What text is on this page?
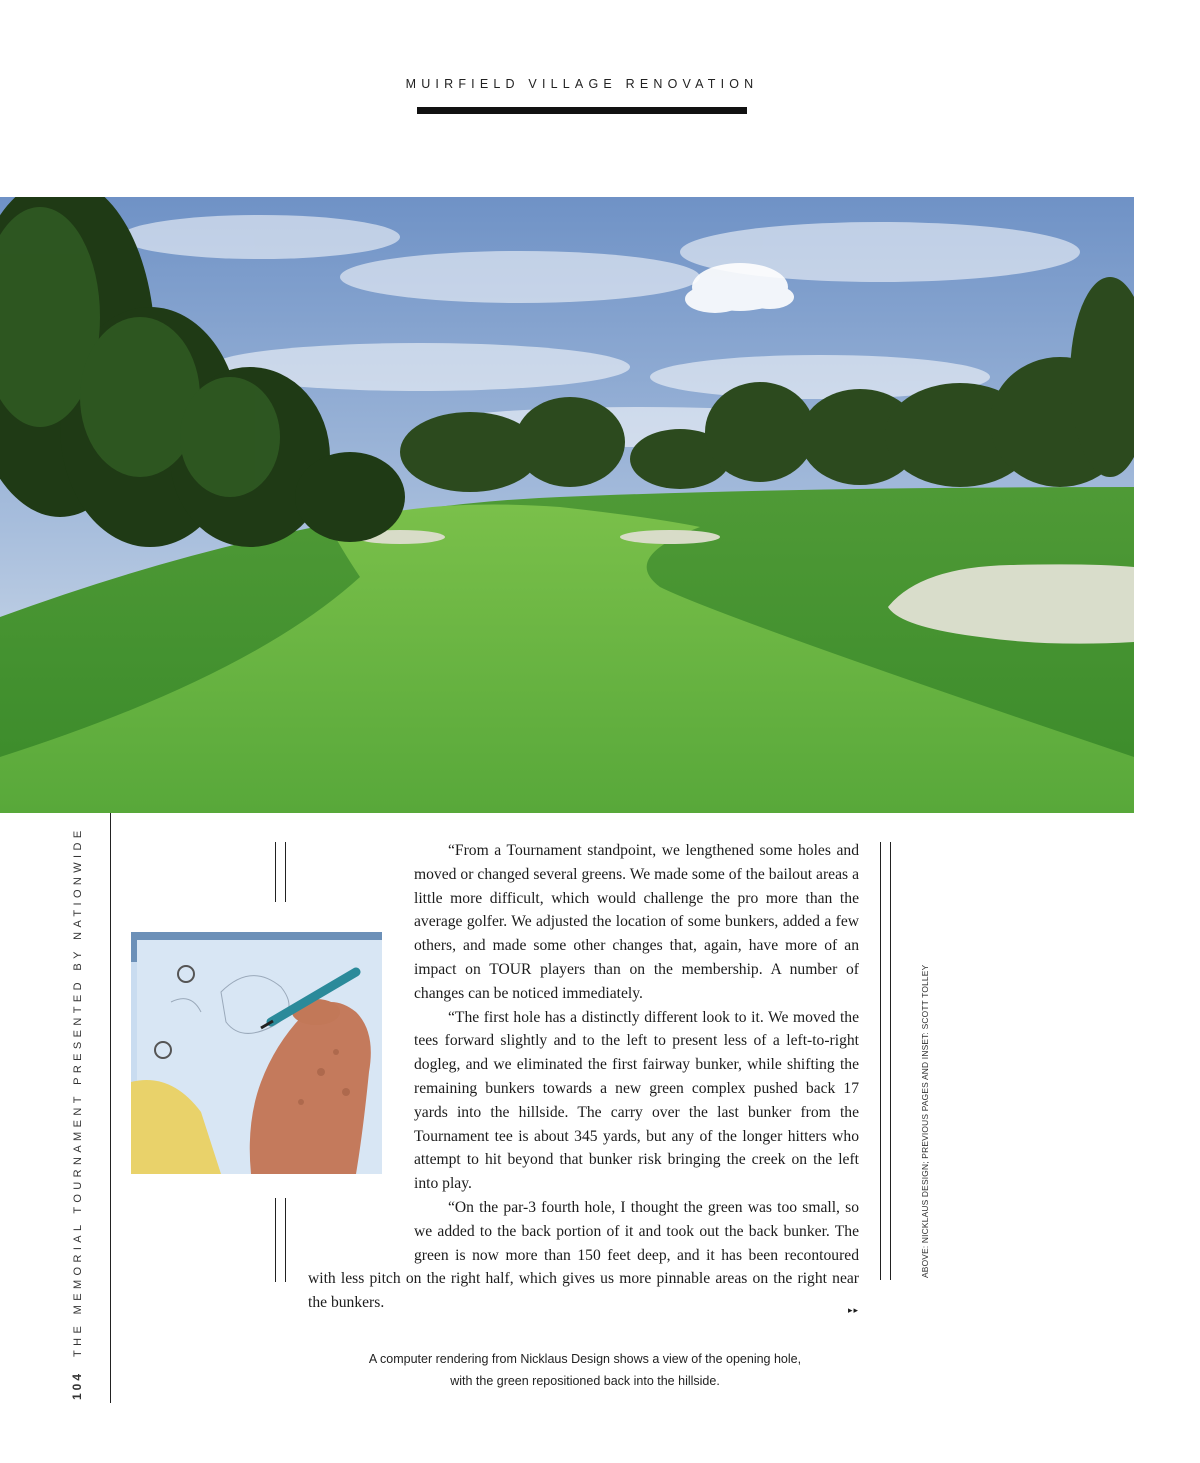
MUIRFIELD VILLAGE RENOVATION
104THE MEMORIAL TOURNAMENT PRESENTED BY NATIONWIDE	“From a Tournament standpoint, we lengthened some holes and moved or changed several greens. We made some of the bailout areas a little more difficult, which would challenge the pro more than the average golfer. We adjusted the location of some bunkers, added a few others, and made some other changes that, again, have more of an impact on TOUR players than on the membership. A number of changes can be noticed immediately.

“The first hole has a distinctly different look to it. We moved the tees forward slightly and to the left to present less of a left-to-right dogleg, and we eliminated the first fairway bunker, while shifting the remaining bunkers towards a new green complex pushed back 17 yards into the hillside. The carry over the last bunker from the Tournament tee is about 345 yards, but any of the longer hitters who attempt to hit beyond that bunker risk bringing the creek on the left into play.

“On the par-3 fourth hole, I thought the green was too small, so we added to the back portion of it and took out the back bunker. The green is now more than 150 feet deep, and it has been recontoured with less pitch on the right half, which gives us more pinnable areas on the right near the bunkers.	▸▸

ABOVE: NICKLAUS DESIGN; PREVIOUS PAGES AND INSET: SCOTT TOLLEY
A computer rendering from Nicklaus Design shows a view of the opening hole,
with the green repositioned back into the hillside.
